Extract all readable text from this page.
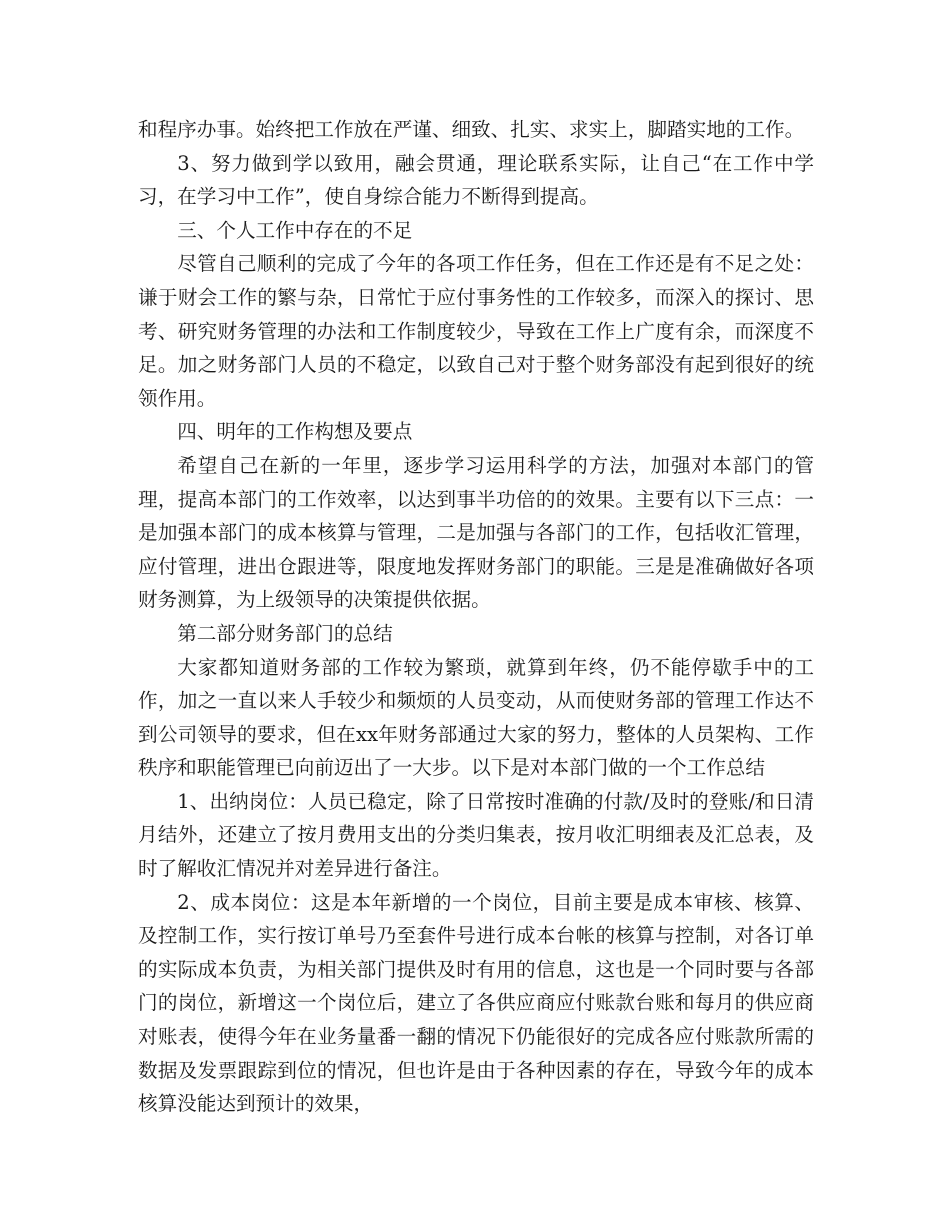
和程序办事。始终把工作放在严谨、细致、扎实、求实上，脚踏实地的工作。

3、努力做到学以致用，融会贯通，理论联系实际，让自己“在工作中学习，在学习中工作”，使自身综合能力不断得到提高。

三、个人工作中存在的不足

尽管自己顺利的完成了今年的各项工作任务，但在工作还是有不足之处：谦于财会工作的繁与杂，日常忙于应付事务性的工作较多，而深入的探讨、思考、研究财务管理的办法和工作制度较少，导致在工作上广度有余，而深度不足。加之财务部门人员的不稳定，以致自己对于整个财务部没有起到很好的统领作用。

四、明年的工作构想及要点

希望自己在新的一年里，逐步学习运用科学的方法，加强对本部门的管理，提高本部门的工作效率，以达到事半功倍的的效果。主要有以下三点：一是加强本部门的成本核算与管理，二是加强与各部门的工作，包括收汇管理，应付管理，进出仓跟进等，限度地发挥财务部门的职能。三是是准确做好各项财务测算，为上级领导的决策提供依据。

第二部分财务部门的总结

大家都知道财务部的工作较为繁琐，就算到年终，仍不能停歇手中的工作，加之一直以来人手较少和频烦的人员变动，从而使财务部的管理工作达不到公司领导的要求，但在xx年财务部通过大家的努力，整体的人员架构、工作秩序和职能管理已向前迈出了一大步。以下是对本部门做的一个工作总结

1、出纳岗位：人员已稳定，除了日常按时准确的付款/及时的登账/和日清月结外，还建立了按月费用支出的分类归集表，按月收汇明细表及汇总表，及时了解收汇情况并对差异进行备注。

2、成本岗位：这是本年新增的一个岗位，目前主要是成本审核、核算、及控制工作，实行按订单号乃至套件号进行成本台帐的核算与控制，对各订单的实际成本负责，为相关部门提供及时有用的信息，这也是一个同时要与各部门的岗位，新增这一个岗位后，建立了各供应商应付账款台账和每月的供应商对账表，使得今年在业务量番一翻的情况下仍能很好的完成各应付账款所需的数据及发票跟踪到位的情况，但也许是由于各种因素的存在，导致今年的成本核算没能达到预计的效果，
